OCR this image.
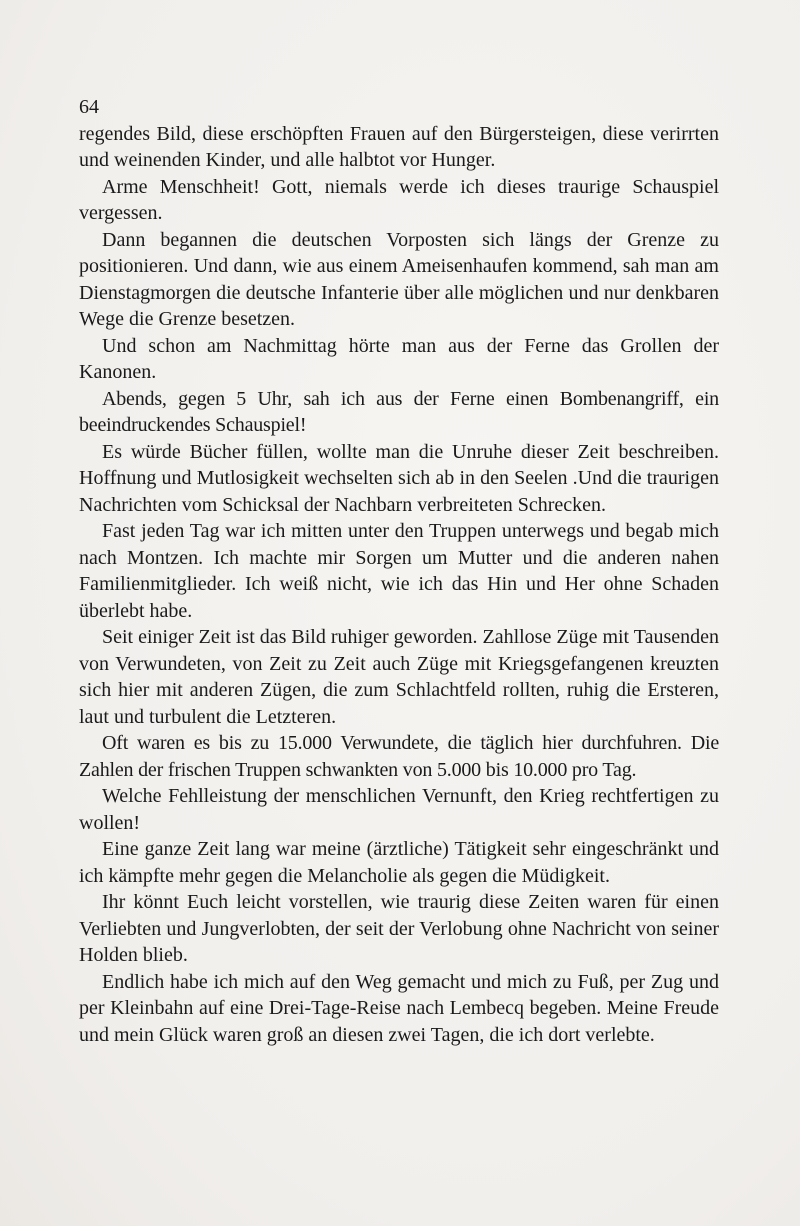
64

regendes Bild, diese erschöpften Frauen auf den Bürgersteigen, diese verirrten und weinenden Kinder, und alle halbtot vor Hunger.

Arme Menschheit! Gott, niemals werde ich dieses traurige Schauspiel vergessen.

Dann begannen die deutschen Vorposten sich längs der Grenze zu positionieren. Und dann, wie aus einem Ameisenhaufen kommend, sah man am Dienstagmorgen die deutsche Infanterie über alle möglichen und nur denkbaren Wege die Grenze besetzen.

Und schon am Nachmittag hörte man aus der Ferne das Grollen der Kanonen.

Abends, gegen 5 Uhr, sah ich aus der Ferne einen Bombenangriff, ein beeindruckendes Schauspiel!

Es würde Bücher füllen, wollte man die Unruhe dieser Zeit beschreiben. Hoffnung und Mutlosigkeit wechselten sich ab in den Seelen .Und die traurigen Nachrichten vom Schicksal der Nachbarn verbreiteten Schrecken.

Fast jeden Tag war ich mitten unter den Truppen unterwegs und begab mich nach Montzen. Ich machte mir Sorgen um Mutter und die anderen nahen Familienmitglieder. Ich weiß nicht, wie ich das Hin und Her ohne Schaden überlebt habe.

Seit einiger Zeit ist das Bild ruhiger geworden. Zahllose Züge mit Tausenden von Verwundeten, von Zeit zu Zeit auch Züge mit Kriegsgefangenen kreuzten sich hier mit anderen Zügen, die zum Schlachtfeld rollten, ruhig die Ersteren, laut und turbulent die Letzteren.

Oft waren es bis zu 15.000 Verwundete, die täglich hier durchfuhren. Die Zahlen der frischen Truppen schwankten von 5.000 bis 10.000 pro Tag.

Welche Fehlleistung der menschlichen Vernunft, den Krieg rechtfertigen zu wollen!

Eine ganze Zeit lang war meine (ärztliche) Tätigkeit sehr eingeschränkt und ich kämpfte mehr gegen die Melancholie als gegen die Müdigkeit.

Ihr könnt Euch leicht vorstellen, wie traurig diese Zeiten waren für einen Verliebten und Jungverlobten, der seit der Verlobung ohne Nachricht von seiner Holden blieb.

Endlich habe ich mich auf den Weg gemacht und mich zu Fuß, per Zug und per Kleinbahn auf eine Drei-Tage-Reise nach Lembecq begeben. Meine Freude und mein Glück waren groß an diesen zwei Tagen, die ich dort verlebte.
